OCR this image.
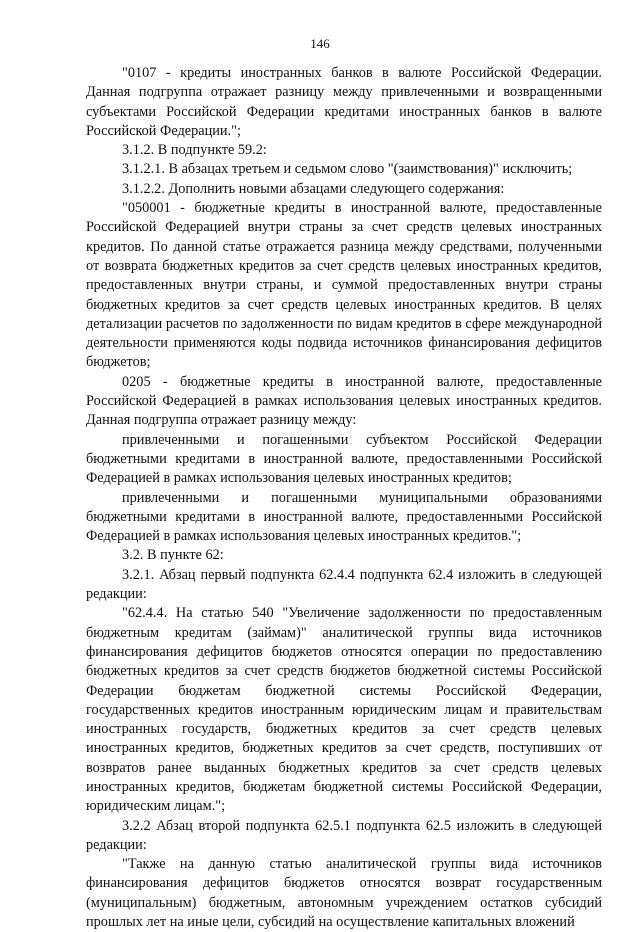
146

"0107 - кредиты иностранных банков в валюте Российской Федерации. Данная подгруппа отражает разницу между привлеченными и возвращенными субъектами Российской Федерации кредитами иностранных банков в валюте Российской Федерации.";

3.1.2. В подпункте 59.2:

3.1.2.1. В абзацах третьем и седьмом слово "(заимствования)" исключить;

3.1.2.2. Дополнить новыми абзацами следующего содержания:

"050001 - бюджетные кредиты в иностранной валюте, предоставленные Российской Федерацией внутри страны за счет средств целевых иностранных кредитов. По данной статье отражается разница между средствами, полученными от возврата бюджетных кредитов за счет средств целевых иностранных кредитов, предоставленных внутри страны, и суммой предоставленных внутри страны бюджетных кредитов за счет средств целевых иностранных кредитов. В целях детализации расчетов по задолженности по видам кредитов в сфере международной деятельности применяются коды подвида источников финансирования дефицитов бюджетов;

0205 - бюджетные кредиты в иностранной валюте, предоставленные Российской Федерацией в рамках использования целевых иностранных кредитов. Данная подгруппа отражает разницу между:

привлеченными и погашенными субъектом Российской Федерации бюджетными кредитами в иностранной валюте, предоставленными Российской Федерацией в рамках использования целевых иностранных кредитов;

привлеченными и погашенными муниципальными образованиями бюджетными кредитами в иностранной валюте, предоставленными Российской Федерацией в рамках использования целевых иностранных кредитов.";

3.2. В пункте 62:

3.2.1. Абзац первый подпункта 62.4.4 подпункта 62.4 изложить в следующей редакции:

"62.4.4. На статью 540 "Увеличение задолженности по предоставленным бюджетным кредитам (займам)" аналитической группы вида источников финансирования дефицитов бюджетов относятся операции по предоставлению бюджетных кредитов за счет средств бюджетов бюджетной системы Российской Федерации бюджетам бюджетной системы Российской Федерации, государственных кредитов иностранным юридическим лицам и правительствам иностранных государств, бюджетных кредитов за счет средств целевых иностранных кредитов, бюджетных кредитов за счет средств, поступивших от возвратов ранее выданных бюджетных кредитов за счет средств целевых иностранных кредитов, бюджетам бюджетной системы Российской Федерации, юридическим лицам.";

3.2.2 Абзац второй подпункта 62.5.1 подпункта 62.5 изложить в следующей редакции:

"Также на данную статью аналитической группы вида источников финансирования дефицитов бюджетов относятся возврат государственным (муниципальным) бюджетным, автономным учреждением остатков субсидий прошлых лет на иные цели, субсидий на осуществление капитальных вложений
